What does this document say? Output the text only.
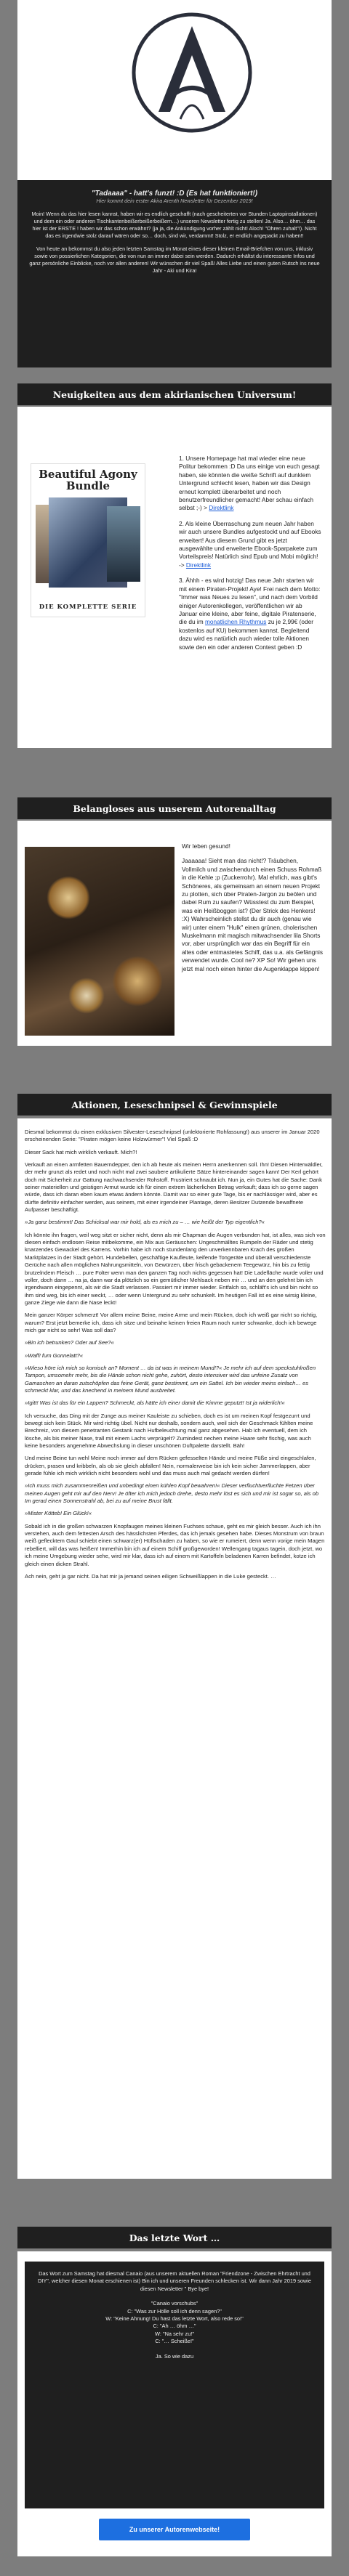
"Tadaaaa" - hatt's funzt! :D (Es hat funktioniert!)
Hier kommt dein erster Akira Arenth Newsletter für Dezember 2019!

Moin! Wenn du das hier lesen kannst, haben wir es endlich geschafft (nach gescheiterten vor Stunden Laptopinstallationen) und dem ein oder anderen Tischkantenbeißerbeißerbeißern…) unseren Newsletter fertig zu stellen! Ja. Also… öhm… das hier ist der ERSTE ! haben wir das schon erwähnt? (ja ja, die Ankündigung vorher zählt nicht! Aloch! "Ohren zuhalt"!). Nicht das es irgendwie stolz darauf wären oder so… doch, sind wir, verdammt! Stolz, er endlich angepackt zu haben!!

Von heute an bekommst du also jeden letzten Samstag im Monat eines dieser kleinen Email-Briefchen von uns, inklusiv sowie von possierlichen Kategorien, die von nun an immer dabei sein werden. Dadurch erhältst du interessante Infos und ganz persönliche Einblicke, noch vor allen anderen! Wir wünschen dir viel Spaß! Alles Liebe und einen guten Rutsch ins neue Jahr - Aki und Kira!

Neuigkeiten aus dem akirianischen Universum!
Beautiful Agony Bundle
DIE KOMPLETTE SERIE

1. Unsere Homepage hat mal wieder eine neue Politur bekommen :D Da uns einige von euch gesagt haben, sie könnten die weiße Schrift auf dunklem Untergrund schlecht lesen, haben wir das Design erneut komplett überarbeitet und noch benutzerfreundlicher gemacht! Aber schau einfach selbst ;-) > Direktlink

2. Als kleine Überraschung zum neuen Jahr haben wir auch unsere Bundles aufgestockt und auf Ebooks erweitert! Aus diesem Grund gibt es jetzt ausgewählte und erweiterte Ebook-Sparpakete zum Vorteilspreis! Natürlich sind Epub und Mobi möglich! -> Direktlink

3. Ähhh - es wird hotzig! Das neue Jahr starten wir mit einem Piraten-Projekt! Aye! Frei nach dem Motto: "Immer was Neues zu lesen", und nach dem Vorbild einiger Autorenkollegen, veröffentlichen wir ab Januar eine kleine, aber feine, digitale Piratenserie, die du im monatlichen Rhythmus zu je 2,99€ (oder kostenlos auf KU) bekommen kannst. Begleitend dazu wird es natürlich auch wieder tolle Aktionen sowie den ein oder anderen Contest geben :D

Belangloses aus unserem Autorenalltag

Wir leben gesund!

Jaaaaaa! Sieht man das nicht!? Träubchen, Vollmilch und zwischendurch einen Schuss Rohmaß in die Kehle ;p (Zuckerrohr). Mal ehrlich, was gibt's Schöneres, als gemeinsam an einem neuen Projekt zu plotten, sich über Piraten-Jargon zu beölen und dabei Rum zu saufen? Wüsstest du zum Beispiel, was ein Heißboggen ist? (Der Strick des Henkers! :X) Wahrscheinlich stellst du dir auch (genau wie wir) unter einem "Hulk" einen grünen, cholerischen Muskelmann mit magisch mitwachsender lila Shorts vor, aber ursprünglich war das ein Begriff für ein altes oder entmastetes Schiff, das u.a. als Gefängnis verwendet wurde. Cool ne? XP So! Wir gehen uns jetzt mal noch einen hinter die Augenklappe kippen!

Aktionen, Leseschnipsel & Gewinnspiele

Diesmal bekommst du einen exklusiven Silvester-Leseschnipsel (unlektorierte Rohfassung!) aus unserer im Januar 2020 erscheinenden Serie: "Piraten mögen keine Holzwürmer"! Viel Spaß :D

Dieser Sack hat mich wirklich verkauft. Mich?!

Verkauft an einen armfetten Bauerndepper, den ich ab heute als meinen Herrn anerkennen soll. Ihn! Diesen Hinterwäldler, der mehr grunzt als redet und noch nicht mal zwei saubere artikulierte Sätze hintereinander sagen kann! Der Kerl gehört doch mit Sicherheit zur Gattung nachwachsender Rohstoff. Frustriert schnaubt ich. Nun ja, ein Gutes hat die Sache: Dank seiner materiellen und geistigen Armut wurde ich für einen extrem lächerlichen Betrag verkauft; dass ich so gerne sagen würde, dass ich daran eben kaum etwas ändern könnte. Damit war so einer gute Tage, bis er nachlässiger wird, aber es dürfte definitiv einfacher werden, aus seinem, mit einer irgendeiner Plantage, deren Besitzer Dutzende bewaffnete Aufpasser beschäftigt.

»Ja ganz bestimmt! Das Schicksal war mir hold, als es mich zu – … wie heißt der Typ eigentlich?«

Ich könnte ihn fragen, weil weg sitzt er sicher nicht, denn als mir Chapman die Augen verbunden hat, ist alles, was sich von diesen einfach endlosen Reise mitbekomme, ein Mix aus Geräuschen: Ungeschmälltes Rumpeln der Räder und stetig knarzendes Gewackel des Karrens. Vorhin habe ich noch stundenlang den unverkennbaren Krach des großen Marktplatzes in der Stadt gehört. Hundebellen, geschäftige Kaufleute, keifende Tongeräte und überall verschiedenste Gerüche nach allen möglichen Nahrungsmitteln, von Gewürzen, über frisch gebackenem Teegewürz, hin bis zu fettig brutzelndem Fleisch … pure Folter wenn man den ganzen Tag noch nichts gegessen hat! Die Ladefläche wurde voller und voller, doch dann … na ja, dann war da plötzlich so ein gemütlicher Mehlsack neben mir … und an den gelehnt bin ich irgendwann eingepennt, als wir die Stadt verlassen. Passiert mir immer wieder. Entfalch so, schläft's ich und bin nicht so ihm sind weg, bis ich einer weckt, … oder wenn Untergrund zu sehr schunkelt. Im heutigen Fall ist es eine wirsig kleine, ganze Ziege wie dann die Nase leckt!

Mein ganzer Körper schmerzt! Vor allem meine Beine, meine Arme und mein Rücken, doch ich weiß gar nicht so richtig, warum? Erst jetzt bemerke ich, dass ich sitze und beinahe keinen freien Raum noch runter schwanke, doch ich bewege mich gar nicht so sehr! Was soll das?

»Bin ich betrunken? Oder auf See?«

»Waff! fum Gonnelatt?«

»Wieso höre ich mich so komisch an? Moment … da ist was in meinem Mund!?« Je mehr ich auf dem speckstuhlroßen Tampon, umsomehr mehr, bis die Hände schon nicht gehe, zuhört, desto intensiver wird das unfeine Zusatz von Gamaschen an daran zutschöpfen das feine Gerät, ganz bestimmt, um ein Sattel. Ich bin wieder meins einfach… es schmeckt klar, und das knechend in meinem Mund ausbreitet.

»Igitt! Was ist das für ein Lappen? Schmeckt, als hätte ich einer damit die Kimme geputzt! Ist ja widerlich!«

Ich versuche, das Ding mit der Zunge aus meiner Kauleiste zu schieben, doch es ist um meinen Kopf festgezurrt und bewegt sich kein Stück. Mir wird richtig übel. Nicht nur deshalb, sondern auch, weil sich der Geschmack fühlten meine Brechreiz, von diesem penetranten Gestank nach Hufbeleuchtung mal ganz abgesehen. Hab ich eventuell, dem ich lösche, als bis meiner Nase, trall mit einem Lachs verprügelt? Zumindest nechen meine Haare sehr fischig, was auch keine besonders angenehme Abwechslung in dieser unschönen Duftpalette darstellt. Bäh!

Und meine Beine tun wehl Meine noch immer auf dem Rücken gefesselten Hände und meine Füße sind eingeschlafen, drücken, prasen und kribbeln, als ob sie gleich abfallen! Nein, normalerweise bin ich kein sicher Jammerlappen, aber gerade fühle ich mich wirklich nicht besonders wohl und das muss auch mal gedacht werden dürfen!

»Ich muss mich zusammenreißen und unbedingt einen kühlen Kopf bewahren!« Dieser verfluchtverfluchte Fetzen über meinen Augen geht mir auf den Nerv! Je öfter ich mich jedoch drehe, desto mehr löst es sich und mir ist sogar so, als ob Im gerad einen Sonnenstrahl ab, bei zu auf meine Brust fällt.

»Mister Kötteb! Ein Glück!«

Sobald ich in die großen schwarzen Knopfaugen meines kleinen Fuchses schaue, geht es mir gleich besser. Auch ich ihn verstehen, auch dem fettesten Arsch des hässlichsten Pferdes, das ich jemals gesehen habe. Dieses Monstrum von braun weiß geflecktem Gaul schiebt einen schwarz(er) Hüftschaden zu haben, so wie er rumeiert, denn wenn vorige mein Magen rebelliert, will das was heißen! Immerhin bin ich auf einem Schiff großgeworden! Wellengang tagaus tagein, doch jetzt, wo ich meine Umgebung wieder sehe, wird mir klar, dass ich auf einem mit Kartoffeln beladenen Karren befindet, kotze ich gleich einen dicken Strahl.

Ach nein, geht ja gar nicht. Da hat mir ja jemand seinen eiligen Schweißlappen in die Luke gesteckt. …

Das letzte Wort …

Das Wort zum Samstag hat diesmal Canaio (aus unserem aktuellen Roman "Friendzone - Zwischen Ehrtracht und DIY", welcher diesen Monat erschienen ist) Bin ich und unseren Freunden schlecken ist. Wir dann Jahr 2019 sowie diesen Newsletter " Bye bye!

"Canaio vorschubs"
C: "Was zur Hölle soll ich denn sagen?"
W: "Keine Ahnung! Du hast das letzte Wort, also rede so!"
C: "Ah … öhm …"
W: "Na sehr zu!"
C: "… Scheiße!"

Ja. So wie dazu

Zu unserer Autorenwebseite!
